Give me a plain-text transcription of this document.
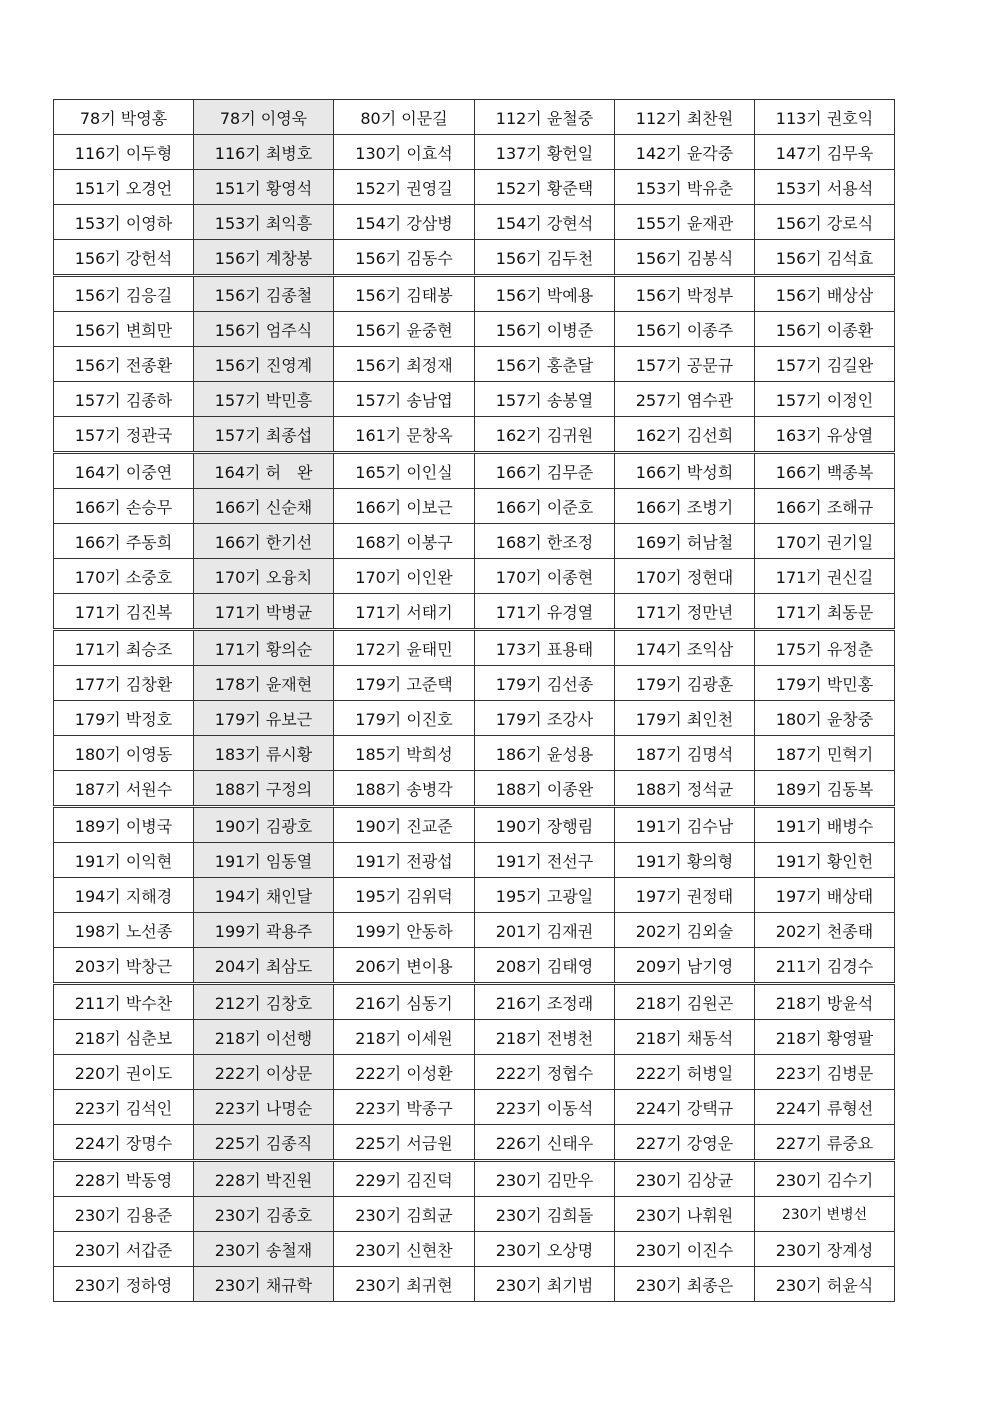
78기 박영홍	78기 이영욱	80기 이문길	112기 윤철중	112기 최찬원	113기 권호익
116기 이두형	116기 최병호	130기 이효석	137기 황헌일	142기 윤각중	147기 김무욱
151기 오경언	151기 황영석	152기 권영길	152기 황준택	153기 박유춘	153기 서용석
153기 이영하	153기 최익흥	154기 강삼병	154기 강현석	155기 윤재관	156기 강로식
156기 강헌석	156기 계창봉	156기 김동수	156기 김두천	156기 김봉식	156기 김석효
156기 김응길	156기 김종철	156기 김태봉	156기 박예용	156기 박정부	156기 배상삼
156기 변희만	156기 엄주식	156기 윤중현	156기 이병준	156기 이종주	156기 이종환
156기 전종환	156기 진영계	156기 최정재	156기 홍춘달	157기 공문규	157기 김길완
157기 김종하	157기 박민흥	157기 송남엽	157기 송봉열	257기 염수관	157기 이정인
157기 정관국	157기 최종섭	161기 문창옥	162기 김귀원	162기 김선희	163기 유상열
164기 이중연	164기 허　완	165기 이인실	166기 김무준	166기 박성희	166기 백종복
166기 손승무	166기 신순채	166기 이보근	166기 이준호	166기 조병기	166기 조해규
166기 주동희	166기 한기선	168기 이봉구	168기 한조정	169기 허남철	170기 권기일
170기 소중호	170기 오융치	170기 이인완	170기 이종현	170기 정현대	171기 권신길
171기 김진복	171기 박병균	171기 서태기	171기 유경열	171기 정만년	171기 최동문
171기 최승조	171기 황의순	172기 윤태민	173기 표용태	174기 조익삼	175기 유정춘
177기 김창환	178기 윤재현	179기 고준택	179기 김선종	179기 김광훈	179기 박민홍
179기 박정호	179기 유보근	179기 이진호	179기 조강사	179기 최인천	180기 윤창중
180기 이영동	183기 류시황	185기 박희성	186기 윤성용	187기 김명석	187기 민혁기
187기 서원수	188기 구정의	188기 송병각	188기 이종완	188기 정석균	189기 김동복
189기 이병국	190기 김광호	190기 진교준	190기 장행림	191기 김수남	191기 배병수
191기 이익현	191기 임동열	191기 전광섭	191기 전선구	191기 황의형	191기 황인헌
194기 지해경	194기 채인달	195기 김위덕	195기 고광일	197기 권정태	197기 배상태
198기 노선종	199기 곽용주	199기 안동하	201기 김재권	202기 김외술	202기 천종태
203기 박창근	204기 최삼도	206기 변이용	208기 김태영	209기 남기영	211기 김경수
211기 박수찬	212기 김창호	216기 심동기	216기 조정래	218기 김원곤	218기 방윤석
218기 심춘보	218기 이선행	218기 이세원	218기 전병천	218기 채동석	218기 황영팔
220기 권이도	222기 이상문	222기 이성환	222기 정협수	222기 허병일	223기 김병문
223기 김석인	223기 나명순	223기 박종구	223기 이동석	224기 강택규	224기 류형선
224기 장명수	225기 김종직	225기 서금원	226기 신태우	227기 강영운	227기 류중요
228기 박동영	228기 박진원	229기 김진덕	230기 김만우	230기 김상균	230기 김수기
230기 김용준	230기 김종호	230기 김희균	230기 김희돌	230기 나휘원	230기 변병선
230기 서갑준	230기 송철재	230기 신현찬	230기 오상명	230기 이진수	230기 장계성
230기 정하영	230기 채규학	230기 최귀현	230기 최기범	230기 최종은	230기 허윤식
